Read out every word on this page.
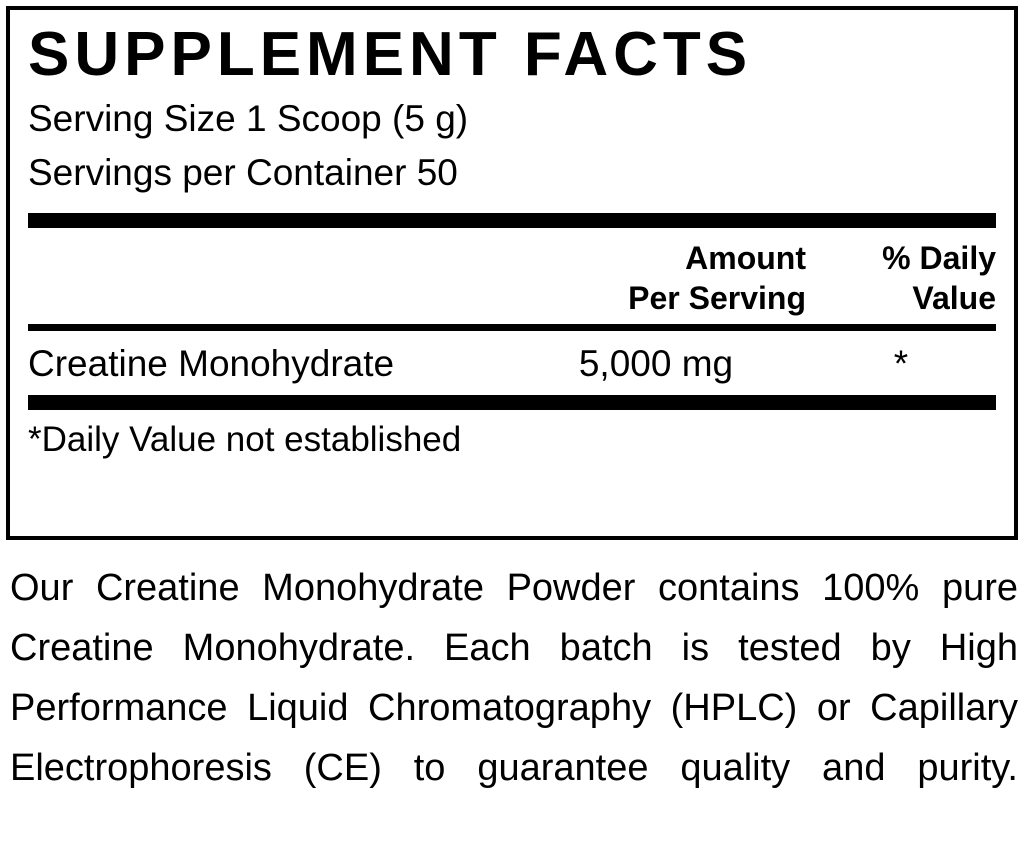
SUPPLEMENT FACTS
Serving Size 1 Scoop (5 g)
Servings per Container 50
Amount
Per Serving
% Daily
Value
Creatine Monohydrate	5,000 mg	*
*Daily Value not established
Our Creatine Monohydrate Powder contains 100% pure Creatine Monohydrate. Each batch is tested by High Performance Liquid Chromatography (HPLC) or Capillary Electrophoresis (CE) to guarantee quality and purity.
